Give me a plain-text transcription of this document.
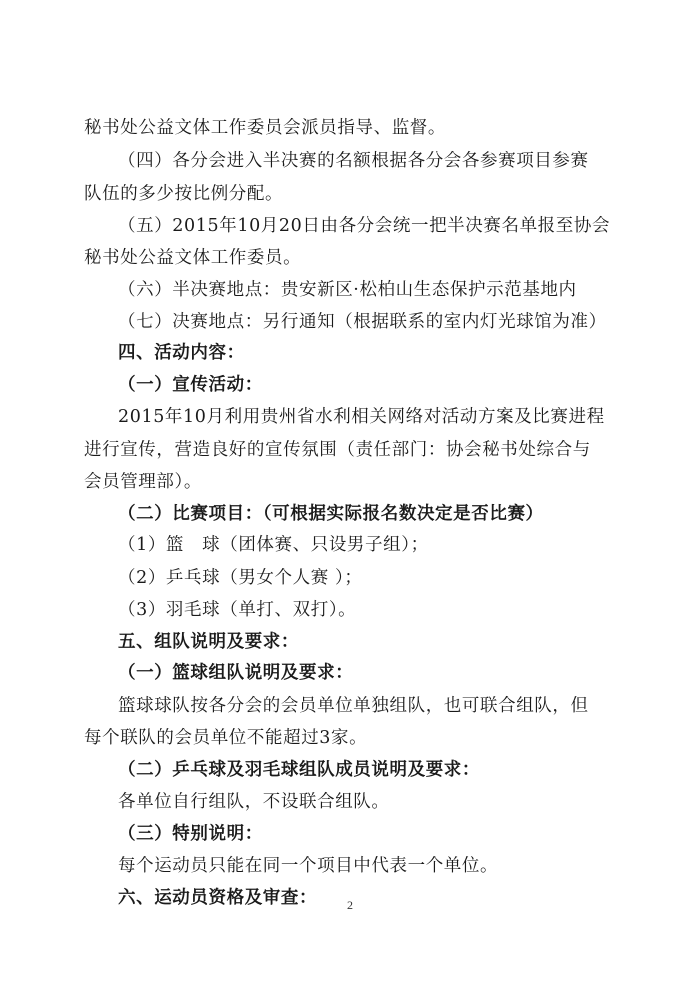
秘书处公益文体工作委员会派员指导、监督。
（四）各分会进入半决赛的名额根据各分会各参赛项目参赛
队伍的多少按比例分配。
（五）2015年10月20日由各分会统一把半决赛名单报至协会
秘书处公益文体工作委员。
（六）半决赛地点：贵安新区·松柏山生态保护示范基地内
（七）决赛地点：另行通知（根据联系的室内灯光球馆为准）
四、活动内容：
（一）宣传活动：
2015年10月利用贵州省水利相关网络对活动方案及比赛进程
进行宣传，营造良好的宣传氛围（责任部门：协会秘书处综合与
会员管理部）。
（二）比赛项目：（可根据实际报名数决定是否比赛）
（1）篮　球（团体赛、只设男子组）；
（2）乒乓球（男女个人赛 ）；
（3）羽毛球（单打、双打）。
五、组队说明及要求：
（一）篮球组队说明及要求：
篮球球队按各分会的会员单位单独组队，也可联合组队，但
每个联队的会员单位不能超过3家。
（二）乒乓球及羽毛球组队成员说明及要求：
各单位自行组队，不设联合组队。
（三）特别说明：
每个运动员只能在同一个项目中代表一个单位。
六、运动员资格及审查：	2
